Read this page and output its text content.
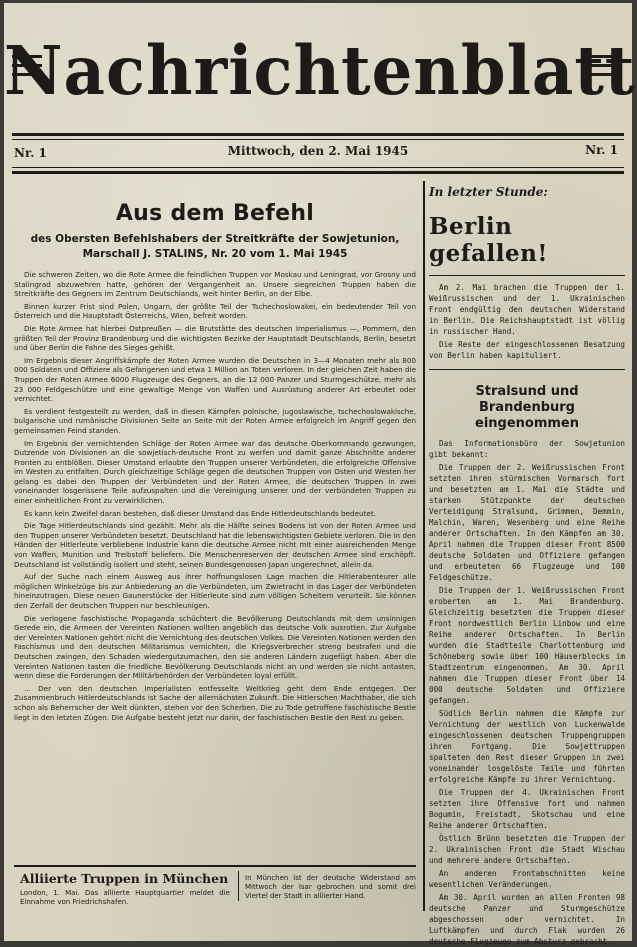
Nachrichtenblatt
Nr. 1	Mittwoch, den 2. Mai 1945	Nr. 1
Aus dem Befehl
des Obersten Befehlshabers der Streitkräfte der Sowjetunion, Marschall J. STALINS, Nr. 20 vom 1. Mai 1945

Die schweren Zeiten, wo die Rote Armee die feindlichen Truppen vor Moskau und Leningrad, vor Grosny und Stalingrad abzuwehren hatte, gehören der Vergangenheit an. Unsere siegreichen Truppen haben die Streitkräfte des Gegners im Zentrum Deutschlands, weit hinter Berlin, an der Elbe.

Binnen kurzer Frist sind Polen, Ungarn, der größte Teil der Tschechoslowakei, ein bedeutender Teil von Österreich und die Hauptstadt Österreichs, Wien, befreit worden.

Die Rote Armee hat hierbei Ostpreußen — die Brutstätte des deutschen Imperialismus —, Pommern, den größten Teil der Provinz Brandenburg und die wichtigsten Bezirke der Hauptstadt Deutschlands, Berlin, besetzt und über Berlin die Fahne des Sieges gehißt.

Im Ergebnis dieser Angriffskämpfe der Roten Armee wurden die Deutschen in 3—4 Monaten mehr als 800 000 Soldaten und Offiziere als Gefangenen und etwa 1 Million an Toten verloren. In der gleichen Zeit haben die Truppen der Roten Armee 6000 Flugzeuge des Gegners, an die 12 000 Panzer und Sturmgeschütze, mehr als 23 000 Feldgeschütze und eine gewaltige Menge von Waffen und Ausrüstung anderer Art erbeutet oder vernichtet.

Es verdient festgestellt zu werden, daß in diesen Kämpfen polnische, jugoslawische, tschechoslowakische, bulgarische und rumänische Divisionen Seite an Seite mit der Roten Armee erfolgreich im Angriff gegen den gemeinsamen Feind standen.

Im Ergebnis der vernichtenden Schläge der Roten Armee war das deutsche Oberkommando gezwungen, Dutzende von Divisionen an die sowjetisch-deutsche Front zu werfen und damit ganze Abschnitte anderer Fronten zu entblößen. Dieser Umstand erlaubte den Truppen unserer Verbündeten, die erfolgreiche Offensive im Westen zu entfalten. Durch gleichzeitige Schläge gegen die deutschen Truppen von Osten und Westen her gelang es dabei den Truppen der Verbündeten und der Roten Armee, die deutschen Truppen in zwei voneinander losgerissene Teile aufzuspalten und die Vereinigung unserer und der verbündeten Truppen zu einer einheitlichen Front zu verwirklichen.

Es kann kein Zweifel daran bestehen, daß dieser Umstand das Ende Hitlerdeutschlands bedeutet.

Die Tage Hitlerdeutschlands sind gezählt. Mehr als die Hälfte seines Bodens ist von der Roten Armee und den Truppen unserer Verbündeten besetzt. Deutschland hat die lebenswichtigsten Gebiete verloren. Die in den Händen der Hitlerleute verbliebene Industrie kann die deutsche Armee nicht mit einer ausreichenden Menge von Waffen, Munition und Treibstoff beliefern. Die Menschenreserven der deutschen Armee sind erschöpft. Deutschland ist vollständig isoliert und steht, seinen Bundesgenossen Japan ungerechnet, allein da.

Auf der Suche nach einem Ausweg aus ihrer hoffnungslosen Lage machen die Hitlerabenteurer alle möglichen Winkelzüge bis zur Anbiederung an die Verbündeten, um Zwietracht in das Lager der Verbündeten hineinzutragen. Diese neuen Gaunerstücke der Hitlerleute sind zum völligen Scheitern verurteilt. Sie können den Zerfall der deutschen Truppen nur beschleunigen.

Die verlogene faschistische Propaganda schüchtert die Bevölkerung Deutschlands mit dem unsinnigen Gerede ein, die Armeen der Vereinten Nationen wollten angeblich das deutsche Volk ausrotten. Zur Aufgabe der Vereinten Nationen gehört nicht die Vernichtung des deutschen Volkes. Die Vereinten Nationen werden den Faschismus und den deutschen Militarismus vernichten, die Kriegsverbrecher streng bestrafen und die Deutschen zwingen, den Schaden wiedergutzumachen, den sie anderen Ländern zugefügt haben. Aber die Vereinten Nationen tasten die friedliche Bevölkerung Deutschlands nicht an und werden sie nicht antasten, wenn diese die Forderungen der Militärbehörden der Verbündeten loyal erfüllt.

... Der von den deutschen Imperialisten entfesselte Weltkrieg geht dem Ende entgegen. Der Zusammenbruch Hitlerdeutschlands ist Sache der allernächsten Zukunft. Die Hitlerschen Machthaber, die sich schon als Beherrscher der Welt dünkten, stehen vor den Scherben. Die zu Tode getroffene faschistische Bestie liegt in den letzten Zügen. Die Aufgabe besteht jetzt nur darin, der faschistischen Bestie den Rest zu geben.

Alliierte Truppen in München
London, 1. Mai. Das alliierte Hauptquartier meldet die Einnahme von Friedrichshafen.
In München ist der deutsche Widerstand am Mittwoch der Isar gebrochen und somit drei Viertel der Stadt in alliierter Hand.
In letzter Stunde:
Berlin gefallen!

Am 2. Mai brachen die Truppen der 1. Weißrussischen und der 1. Ukrainischen Front endgültig den deutschen Widerstand in Berlin. Die Reichshauptstadt ist völlig in russischer Hand.

Die Reste der eingeschlossenen Besatzung von Berlin haben kapituliert.

Stralsund und Brandenburg eingenommen

Das Informationsbüro der Sowjetunion gibt bekannt:

Die Truppen der 2. Weißrussischen Front setzten ihren stürmischen Vormarsch fort und besetzten am 1. Mai die Städte und starken Stützpunkte der deutschen Verteidigung Stralsund, Grimmen, Demmin, Malchin, Waren, Wesenberg und eine Reihe anderer Ortschaften. In den Kämpfen am 30. April nahmen die Truppen dieser Front 8500 deutsche Soldaten und Offiziere gefangen und erbeuteten 66 Flugzeuge und 100 Feldgeschütze.

Die Truppen der 1. Weißrussischen Front eroberten am 1. Mai Brandenburg. Gleichzeitig besetzten die Truppen dieser Front nordwestlich Berlin Linbow und eine Reihe anderer Ortschaften. In Berlin wurden die Stadtteile Charlottenburg und Schöneberg sowie über 100 Häuserblocks im Stadtzentrum eingenommen. Am 30. April nahmen die Truppen dieser Front über 14 000 deutsche Soldaten und Offiziere gefangen.

Südlich Berlin nahmen die Kämpfe zur Vernichtung der westlich von Luckenwalde eingeschlossenen deutschen Truppengruppen ihren Fortgang. Die Sowjettruppen spalteten den Rest dieser Gruppen in zwei voneinander losgelöste Teile und führten erfolgreiche Kämpfe zu ihrer Vernichtung.

Die Truppen der 4. Ukrainischen Front setzten ihre Offensive fort und nahmen Bogumin, Freistadt, Skotschau und eine Reihe anderer Ortschaften.

Östlich Brünn besetzten die Truppen der 2. Ukrainischen Front die Stadt Wischau und mehrere andere Ortschaften.

An anderen Frontabschnitten keine wesentlichen Veränderungen.

Am 30. April wurden an allen Fronten 98 deutsche Panzer und Sturmgeschütze abgeschossen oder vernichtet. In Luftkämpfen und durch Flak wurden 26 deutsche Flugzeuge zum Absturz gebracht.
